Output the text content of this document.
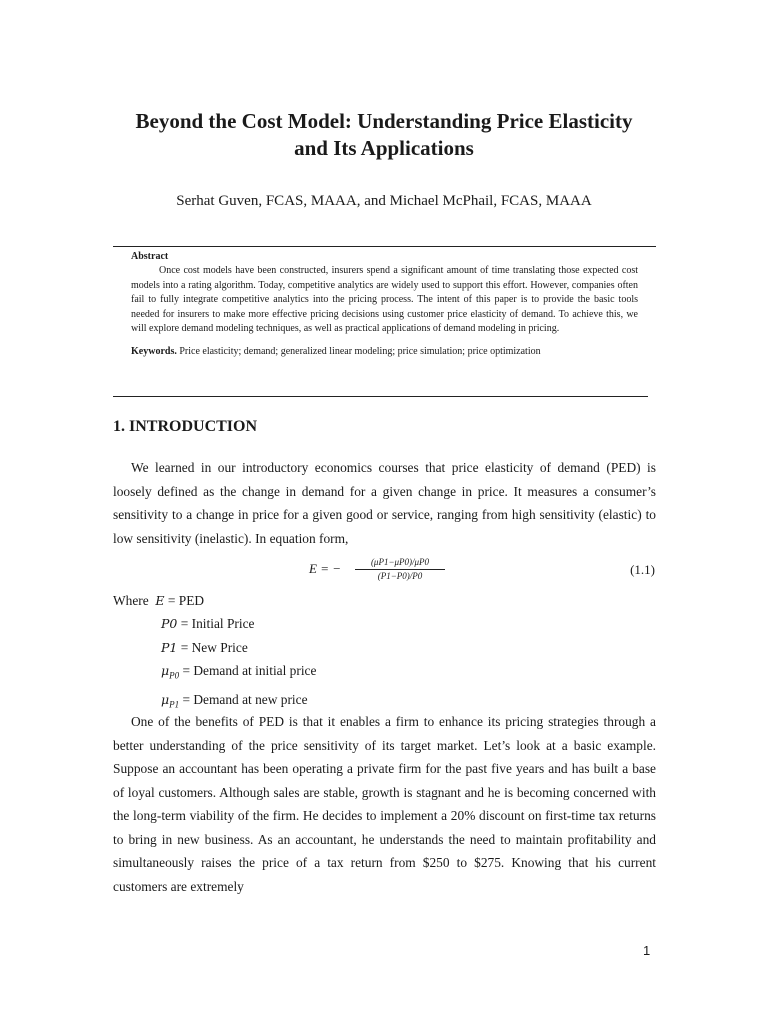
Beyond the Cost Model: Understanding Price Elasticity
and Its Applications
Serhat Guven, FCAS, MAAA, and Michael McPhail, FCAS, MAAA
Abstract
Once cost models have been constructed, insurers spend a significant amount of time translating those expected cost models into a rating algorithm. Today, competitive analytics are widely used to support this effort. However, companies often fail to fully integrate competitive analytics into the pricing process. The intent of this paper is to provide the basic tools needed for insurers to make more effective pricing decisions using customer price elasticity of demand. To achieve this, we will explore demand modeling techniques, as well as practical applications of demand modeling in pricing.
Keywords. Price elasticity; demand; generalized linear modeling; price simulation; price optimization
1. INTRODUCTION
We learned in our introductory economics courses that price elasticity of demand (PED) is loosely defined as the change in demand for a given change in price. It measures a consumer’s sensitivity to a change in price for a given good or service, ranging from high sensitivity (elastic) to low sensitivity (inelastic). In equation form,
E = − $\frac{(\mu P1-\mu P0)/\mu P0}{(P1-P0)/P0}$	(1.1)
Where E = PED
P0 = Initial Price
P1 = New Price
$\mu_{P0}$ = Demand at initial price
$\mu_{P1}$ = Demand at new price
One of the benefits of PED is that it enables a firm to enhance its pricing strategies through a better understanding of the price sensitivity of its target market. Let’s look at a basic example. Suppose an accountant has been operating a private firm for the past five years and has built a base of loyal customers. Although sales are stable, growth is stagnant and he is becoming concerned with the long-term viability of the firm. He decides to implement a 20% discount on first-time tax returns to bring in new business. As an accountant, he understands the need to maintain profitability and simultaneously raises the price of a tax return from $250 to $275. Knowing that his current customers are extremely
1
